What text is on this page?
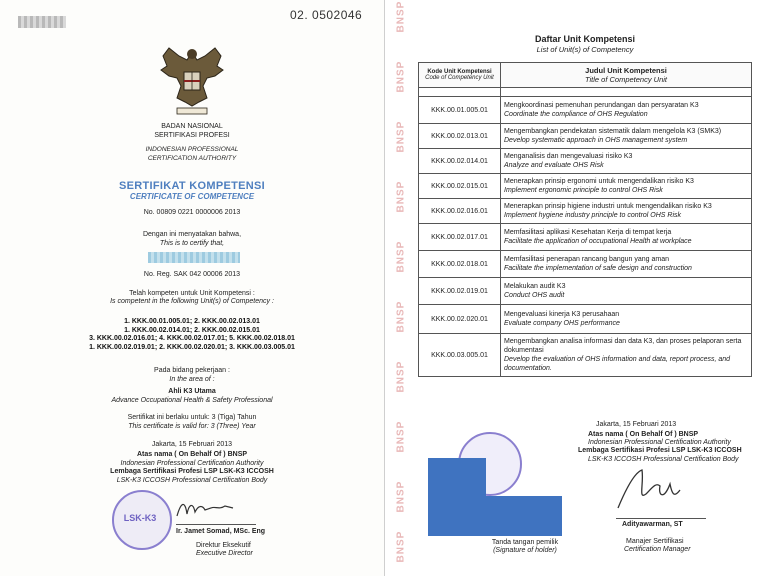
02. 0502046
BADAN NASIONAL
SERTIFIKASI PROFESI
INDONESIAN PROFESSIONAL
CERTIFICATION AUTHORITY
SERTIFIKAT KOMPETENSI
CERTIFICATE OF COMPETENCE
No. 00809 0221 0000006 2013
Dengan ini menyatakan bahwa,
This is to certify that,
No. Reg. SAK 042 00006 2013
Telah kompeten untuk Unit Kompetensi :
Is competent in the following Unit(s) of Competency :
1. KKK.00.01.005.01; 2. KKK.00.02.013.01
1. KKK.00.02.014.01; 2. KKK.00.02.015.01
3. KKK.00.02.016.01; 4. KKK.00.02.017.01; 5. KKK.00.02.018.01
1. KKK.00.02.019.01; 2. KKK.00.02.020.01; 3. KKK.00.03.005.01
Pada bidang pekerjaan :
In the area of :
Ahli K3 Utama
Advance Occupational Health & Safety Professional
Sertifikat ini berlaku untuk: 3 (Tiga) Tahun
This certificate is valid for: 3 (Three) Year
Jakarta, 15 Februari 2013
Atas nama ( On Behalf Of ) BNSP
Indonesian Professional Certification Authority
Lembaga Sertifikasi Profesi LSP LSK-K3 ICCOSH
LSK-K3 ICCOSH Professional Certification Body
LSK-K3
Ir. Jamet Somad, MSc. Eng
Direktur Eksekutif
Executive Director
BNSP
BNSP
BNSP
BNSP
BNSP
BNSP
BNSP
BNSP
BNSP
BNSP
Daftar Unit Kompetensi
List of Unit(s) of Competency
Kode Unit Kompetensi
Code of Competency Unit	Judul Unit Kompetensi
Title of Competency Unit

KKK.00.01.005.01	Mengkoordinasi pemenuhan perundangan dan persyaratan K3
Coordinate the compliance of OHS Regulation

KKK.00.02.013.01	Mengembangkan pendekatan sistematik dalam mengelola K3 (SMK3)
Develop systematic approach in OHS management system

KKK.00.02.014.01	Menganalisis dan mengevaluasi risiko K3
Analyze and evaluate OHS Risk

KKK.00.02.015.01	Menerapkan prinsip ergonomi untuk mengendalikan risiko K3
Implement ergonomic principle to control OHS Risk

KKK.00.02.016.01	Menerapkan prinsip higiene industri untuk mengendalikan risiko K3
Implement hygiene industry principle to control OHS Risk

KKK.00.02.017.01	Memfasilitasi aplikasi Kesehatan Kerja di tempat kerja
Facilitate the application of occupational Health at workplace

KKK.00.02.018.01	Memfasilitasi penerapan rancang bangun yang aman
Facilitate the implementation of safe design and construction

KKK.00.02.019.01	Melakukan audit K3
Conduct OHS audit

KKK.00.02.020.01	Mengevaluasi kinerja K3 perusahaan
Evaluate company OHS performance

KKK.00.03.005.01	Mengembangkan analisa informasi dan data K3, dan proses pelaporan serta dokumentasi
Develop the evaluation of OHS information and data, report process, and documentation.
Jakarta, 15 Februari 2013
Atas nama ( On Behalf Of ) BNSP
Indonesian Professional Certification Authority
Lembaga Sertifikasi Profesi LSP LSK-K3 ICCOSH
LSK-K3 ICCOSH Professional Certification Body
Tanda tangan pemilik
(Signature of holder)
Adityawarman, ST
Manajer Sertifikasi
Certification Manager
